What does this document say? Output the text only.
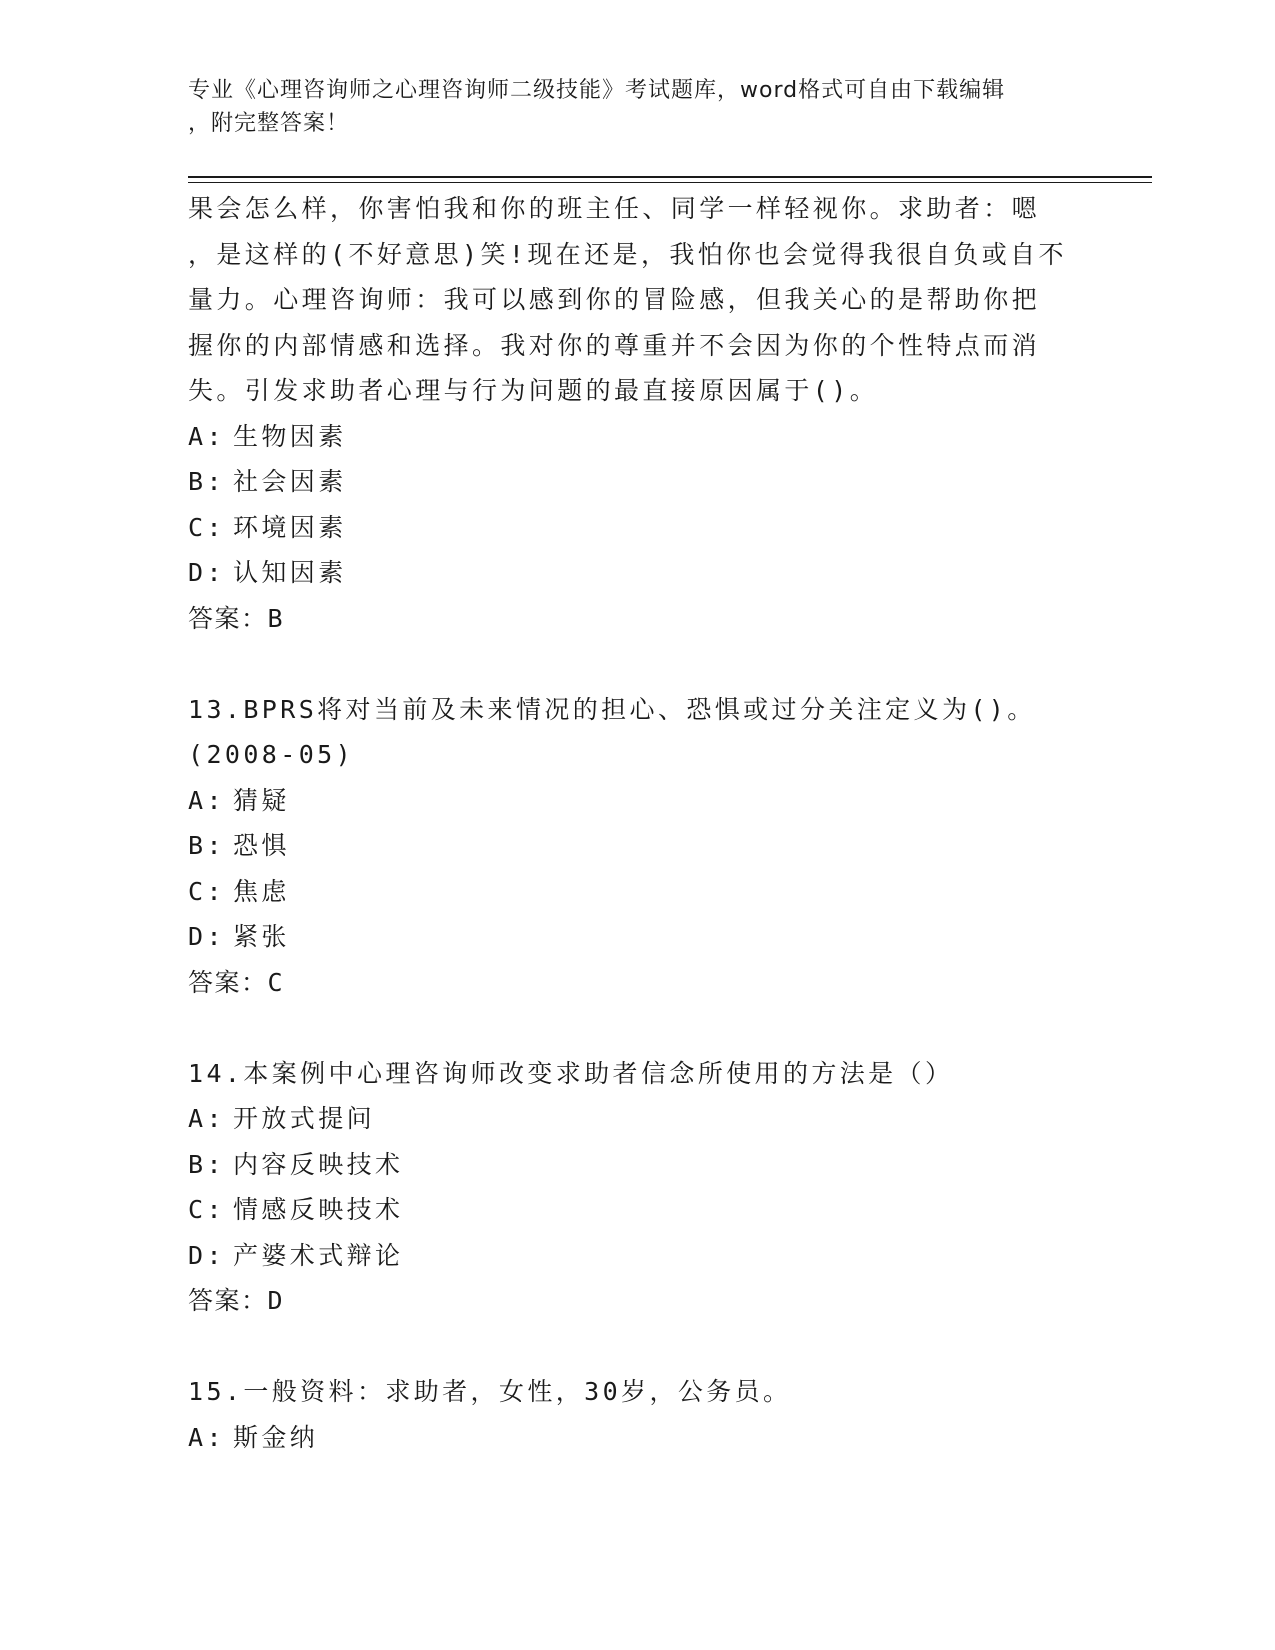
专业《心理咨询师之心理咨询师二级技能》考试题库，word格式可自由下载编辑
，附完整答案！
果会怎么样，你害怕我和你的班主任、同学一样轻视你。求助者：嗯
，是这样的(不好意思)笑!现在还是，我怕你也会觉得我很自负或自不
量力。心理咨询师：我可以感到你的冒险感，但我关心的是帮助你把
握你的内部情感和选择。我对你的尊重并不会因为你的个性特点而消
失。引发求助者心理与行为问题的最直接原因属于()。
A: 生物因素
B: 社会因素
C: 环境因素
D: 认知因素
答案：B
13.BPRS将对当前及未来情况的担心、恐惧或过分关注定义为()。
(2008-05)
A: 猜疑
B: 恐惧
C: 焦虑
D: 紧张
答案：C
14.本案例中心理咨询师改变求助者信念所使用的方法是（）
A: 开放式提问
B: 内容反映技术
C: 情感反映技术
D: 产婆术式辩论
答案：D
15.一般资料：求助者，女性，30岁，公务员。
A: 斯金纳
